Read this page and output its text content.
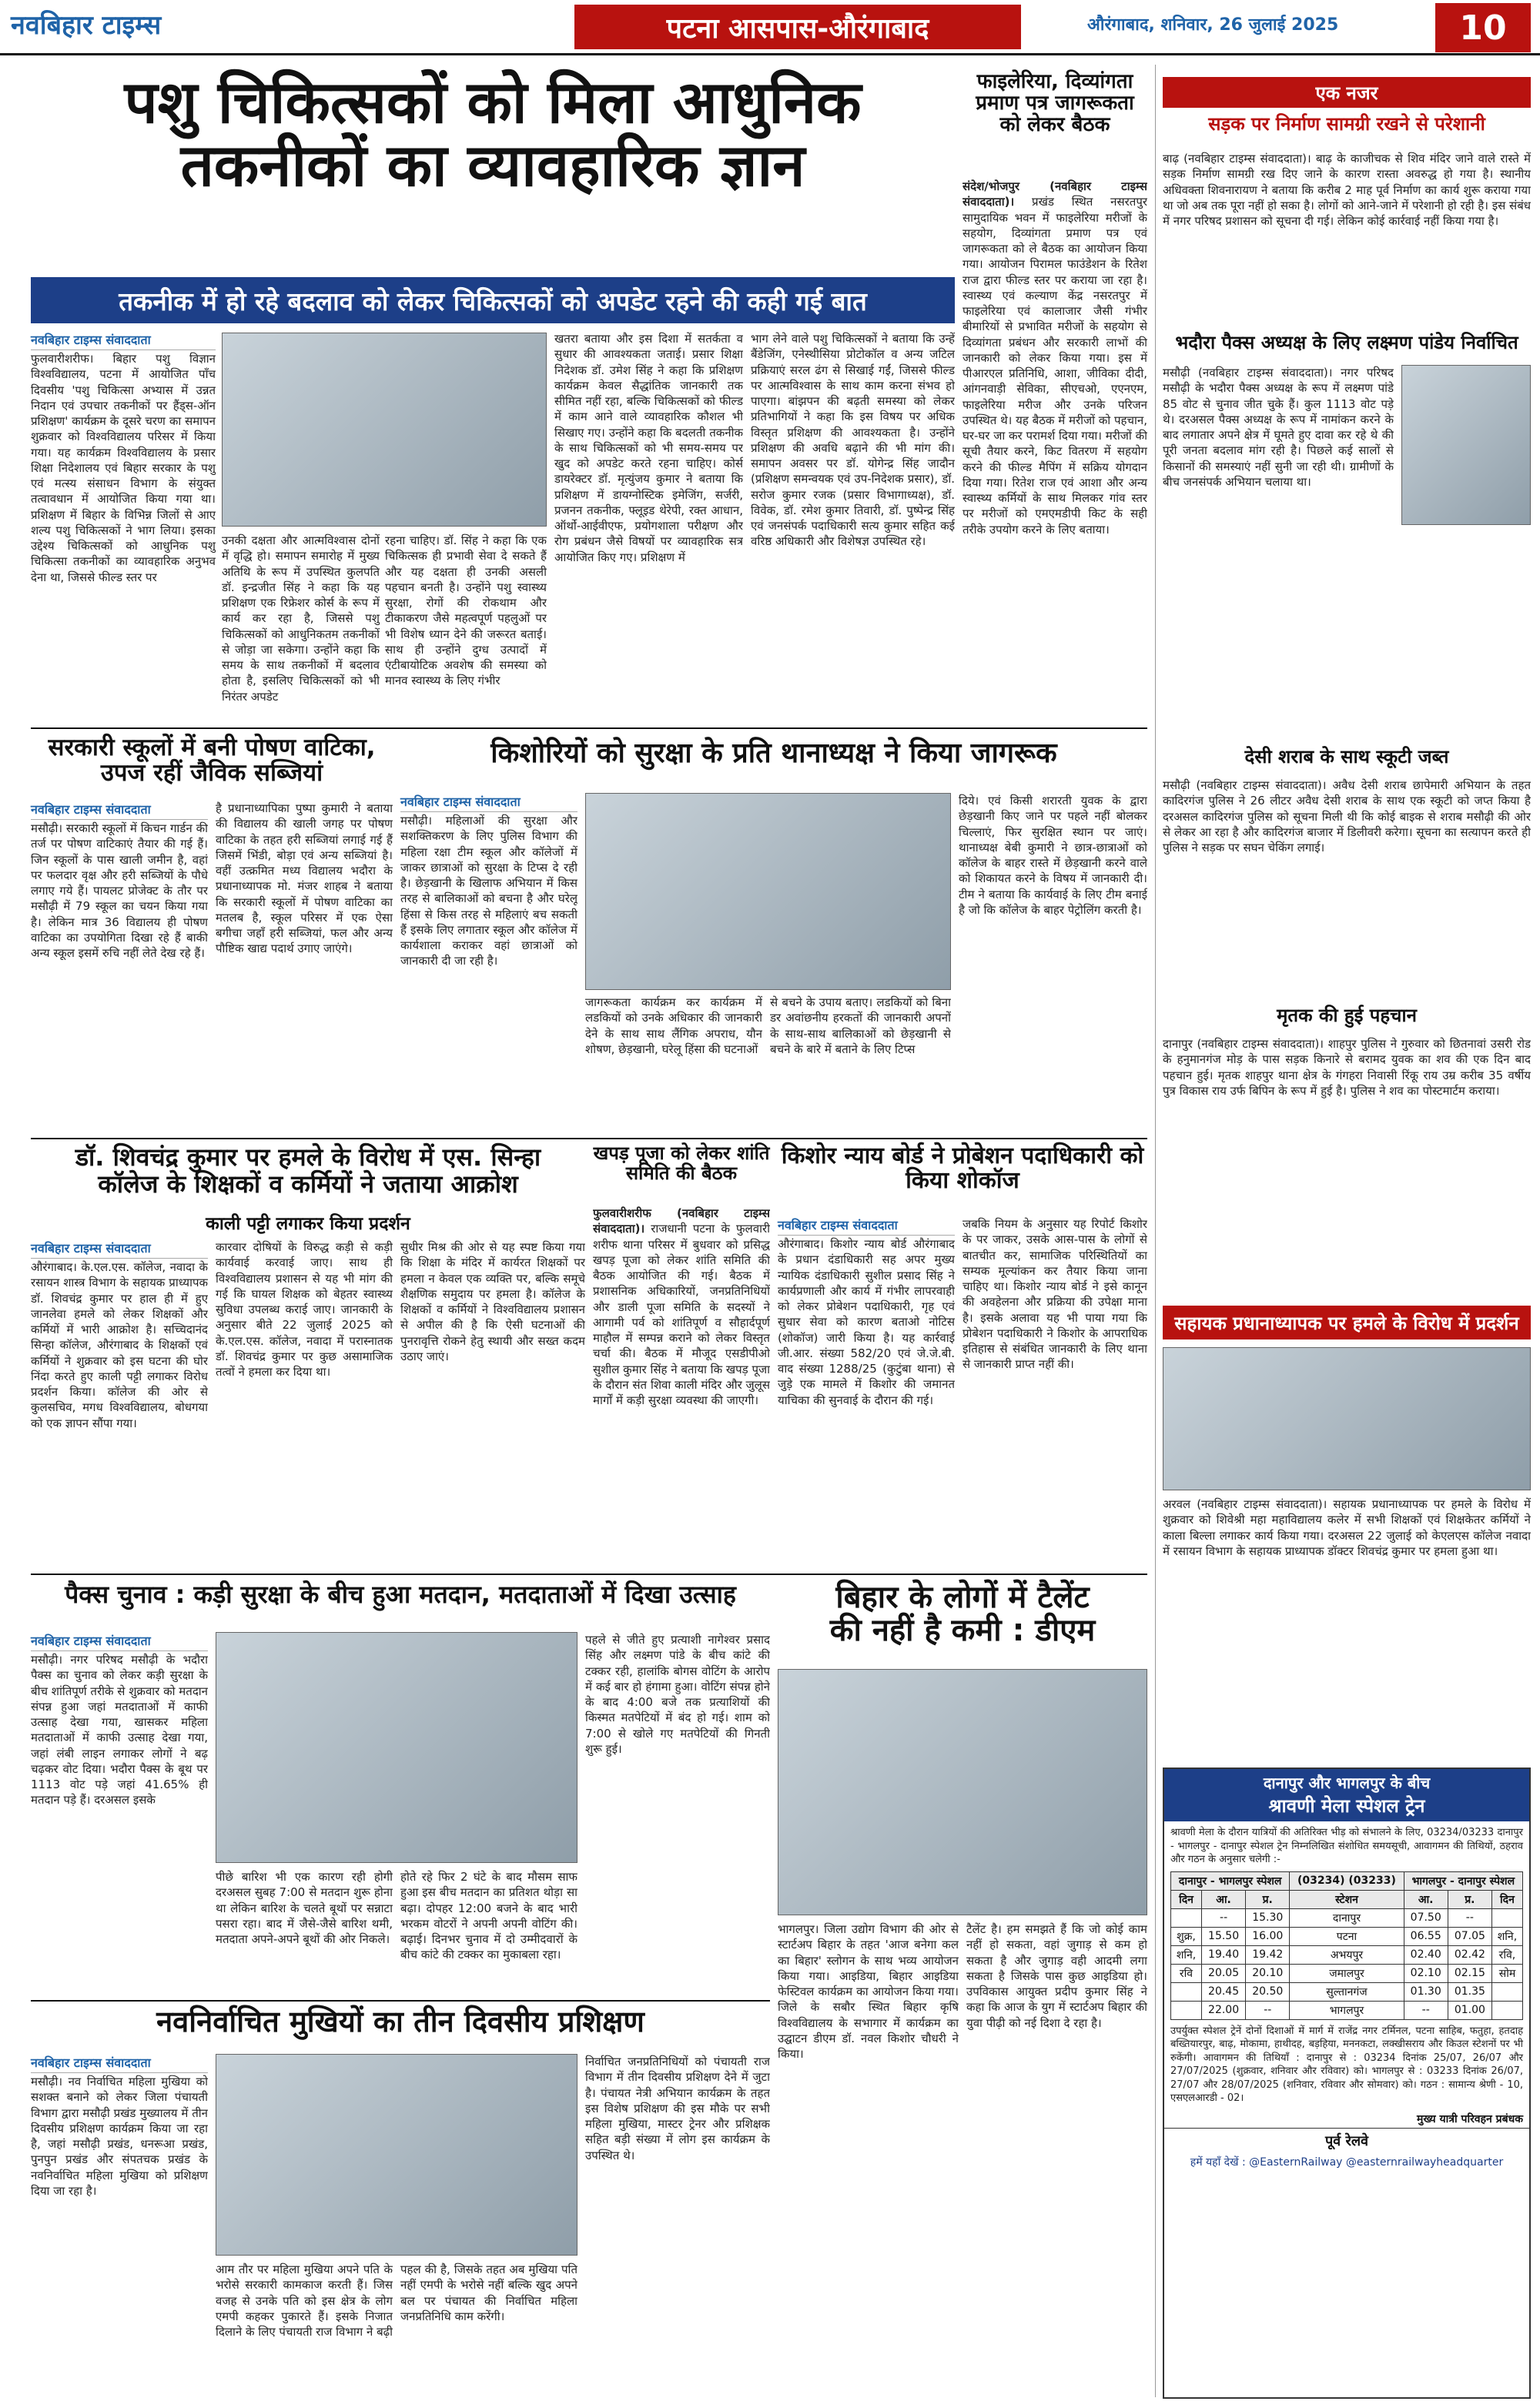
नवबिहार टाइम्स	पटना आसपास-औरंगाबाद	औरंगाबाद, शनिवार, 26 जुलाई 2025	10
पशु चिकित्सकों को मिला आधुनिक
तकनीकों का व्यावहारिक ज्ञान
तकनीक में हो रहे बदलाव को लेकर चिकित्सकों को अपडेट रहने की कही गई बात
नवबिहार टाइम्स संवाददाता
फुलवारीशरीफ। बिहार पशु विज्ञान विश्वविद्यालय, पटना में आयोजित पाँच दिवसीय 'पशु चिकित्सा अभ्यास में उन्नत निदान एवं उपचार तकनीकों पर हैंड्स-ऑन प्रशिक्षण' कार्यक्रम के दूसरे चरण का समापन शुक्रवार को विश्वविद्यालय परिसर में किया गया। यह कार्यक्रम विश्वविद्यालय के प्रसार शिक्षा निदेशालय एवं बिहार सरकार के पशु एवं मत्स्य संसाधन विभाग के संयुक्त तत्वावधान में आयोजित किया गया था। प्रशिक्षण में बिहार के विभिन्न जिलों से आए शल्य पशु चिकित्सकों ने भाग लिया। इसका उद्देश्य चिकित्सकों को आधुनिक पशु चिकित्सा तकनीकों का व्यावहारिक अनुभव देना था, जिससे फील्ड स्तर पर
उनकी दक्षता और आत्मविश्वास दोनों में वृद्धि हो। समापन समारोह में मुख्य अतिथि के रूप में उपस्थित कुलपति डॉ. इन्द्रजीत सिंह ने कहा कि यह प्रशिक्षण एक रिफ्रेशर कोर्स के रूप में कार्य कर रहा है, जिससे पशु चिकित्सकों को आधुनिकतम तकनीकों से जोड़ा जा सकेगा। उन्होंने कहा कि समय के साथ तकनीकों में बदलाव होता है, इसलिए चिकित्सकों को भी निरंतर अपडेट
रहना चाहिए। डॉ. सिंह ने कहा कि एक चिकित्सक ही प्रभावी सेवा दे सकते हैं और यह दक्षता ही उनकी असली पहचान बनती है। उन्होंने पशु स्वास्थ्य सुरक्षा, रोगों की रोकथाम और टीकाकरण जैसे महत्वपूर्ण पहलुओं पर भी विशेष ध्यान देने की जरूरत बताई। साथ ही उन्होंने दुग्ध उत्पादों में एंटीबायोटिक अवशेष की समस्या को मानव स्वास्थ्य के लिए गंभीर
खतरा बताया और इस दिशा में सतर्कता व सुधार की आवश्यकता जताई। प्रसार शिक्षा निदेशक डॉ. उमेश सिंह ने कहा कि प्रशिक्षण कार्यक्रम केवल सैद्धांतिक जानकारी तक सीमित नहीं रहा, बल्कि चिकित्सकों को फील्ड में काम आने वाले व्यावहारिक कौशल भी सिखाए गए। उन्होंने कहा कि बदलती तकनीक के साथ चिकित्सकों को भी समय-समय पर खुद को अपडेट करते रहना चाहिए। कोर्स डायरेक्टर डॉ. मृत्युंजय कुमार ने बताया कि प्रशिक्षण में डायग्नोस्टिक इमेजिंग, सर्जरी, प्रजनन तकनीक, फ्लूइड थेरेपी, रक्त आधान, ऑर्थो-आईवीएफ, प्रयोगशाला परीक्षण और रोग प्रबंधन जैसे विषयों पर व्यावहारिक सत्र आयोजित किए गए। प्रशिक्षण में
भाग लेने वाले पशु चिकित्सकों ने बताया कि उन्हें बैंडेजिंग, एनेस्थीसिया प्रोटोकॉल व अन्य जटिल प्रक्रियाएं सरल ढंग से सिखाई गईं, जिससे फील्ड पर आत्मविश्वास के साथ काम करना संभव हो पाएगा। बांझपन की बढ़ती समस्या को लेकर प्रतिभागियों ने कहा कि इस विषय पर अधिक विस्तृत प्रशिक्षण की आवश्यकता है। उन्होंने प्रशिक्षण की अवधि बढ़ाने की भी मांग की। समापन अवसर पर डॉ. योगेन्द्र सिंह जादौन (प्रशिक्षण समन्वयक एवं उप-निदेशक प्रसार), डॉ. सरोज कुमार रजक (प्रसार विभागाध्यक्ष), डॉ. विवेक, डॉ. रमेश कुमार तिवारी, डॉ. पुष्पेन्द्र सिंह एवं जनसंपर्क पदाधिकारी सत्य कुमार सहित कई वरिष्ठ अधिकारी और विशेषज्ञ उपस्थित रहे।
फाइलेरिया, दिव्यांगता प्रमाण पत्र जागरूकता को लेकर बैठक
संदेश/भोजपुर (नवबिहार टाइम्स संवाददाता)। प्रखंड स्थित नसरतपुर सामुदायिक भवन में फाइलेरिया मरीजों के सहयोग, दिव्यांगता प्रमाण पत्र एवं जागरूकता को ले बैठक का आयोजन किया गया। आयोजन पिरामल फाउंडेशन के रितेश राज द्वारा फील्ड स्तर पर कराया जा रहा है। स्वास्थ्य एवं कल्याण केंद्र नसरतपुर में फाइलेरिया एवं कालाजार जैसी गंभीर बीमारियों से प्रभावित मरीजों के सहयोग से दिव्यांगता प्रबंधन और सरकारी लाभों की जानकारी को लेकर किया गया। इस में पीआरएल प्रतिनिधि, आशा, जीविका दीदी, आंगनवाड़ी सेविका, सीएचओ, एएनएम, फाइलेरिया मरीज और उनके परिजन उपस्थित थे। यह बैठक में मरीजों को पहचान, घर-घर जा कर परामर्श दिया गया। मरीजों की सूची तैयार करने, किट वितरण में सहयोग करने की फील्ड मैपिंग में सक्रिय योगदान दिया गया। रितेश राज एवं आशा और अन्य स्वास्थ्य कर्मियों के साथ मिलकर गांव स्तर पर मरीजों को एमएमडीपी किट के सही तरीके उपयोग करने के लिए बताया।
सरकारी स्कूलों में बनी पोषण वाटिका,
उपज रहीं जैविक सब्जियां
नवबिहार टाइम्स संवाददाता
मसौढ़ी। सरकारी स्कूलों में किचन गार्डन की तर्ज पर पोषण वाटिकाएं तैयार की गई हैं। जिन स्कूलों के पास खाली जमीन है, वहां पर फलदार वृक्ष और हरी सब्जियों के पौधे लगाए गये हैं। पायलट प्रोजेक्ट के तौर पर मसौढ़ी में 79 स्कूल का चयन किया गया है। लेकिन मात्र 36 विद्यालय ही पोषण वाटिका का उपयोगिता दिखा रहे हैं बाकी अन्य स्कूल इसमें रुचि नहीं लेते देख रहे हैं।
है प्रधानाध्यापिका पुष्पा कुमारी ने बताया की विद्यालय की खाली जगह पर पोषण वाटिका के तहत हरी सब्जियां लगाई गई हैं जिसमें भिंडी, बोड़ा एवं अन्य सब्जियां है। वहीं उत्क्रमित मध्य विद्यालय भदौरा के प्रधानाध्यापक मो. मंजर शाहब ने बताया कि सरकारी स्कूलों में पोषण वाटिका का मतलब है, स्कूल परिसर में एक ऐसा बगीचा जहाँ हरी सब्जियां, फल और अन्य पौष्टिक खाद्य पदार्थ उगाए जाएंगे।
किशोरियों को सुरक्षा के प्रति थानाध्यक्ष ने किया जागरूक
नवबिहार टाइम्स संवाददाता
मसौढ़ी। महिलाओं की सुरक्षा और सशक्तिकरण के लिए पुलिस विभाग की महिला रक्षा टीम स्कूल और कॉलेजों में जाकर छात्राओं को सुरक्षा के टिप्स दे रही है। छेड़खानी के खिलाफ अभियान में किस तरह से बालिकाओं को बचना है और घरेलू हिंसा से किस तरह से महिलाएं बच सकती हैं इसके लिए लगातार स्कूल और कॉलेज में कार्यशाला कराकर वहां छात्राओं को जानकारी दी जा रही है।
जागरूकता कार्यक्रम कर कार्यक्रम में लडकियों को उनके अधिकार की जानकारी देने के साथ साथ लैंगिक अपराध, यौन शोषण, छेड़खानी, घरेलू हिंसा की घटनाओं
से बचने के उपाय बताए। लडकियों को बिना डर अवांछनीय हरकतों की जानकारी अपनों के साथ-साथ बालिकाओं को छेड़खानी से बचने के बारे में बताने के लिए टिप्स
दिये। एवं किसी शरारती युवक के द्वारा छेड़खानी किए जाने पर पहले नहीं बोलकर चिल्लाएं, फिर सुरक्षित स्थान पर जाएं। थानाध्यक्ष बेबी कुमारी ने छात्र-छात्राओं को कॉलेज के बाहर रास्ते में छेड़खानी करने वाले को शिकायत करने के विषय में जानकारी दी। टीम ने बताया कि कार्यवाई के लिए टीम बनाई है जो कि कॉलेज के बाहर पेट्रोलिंग करती है।
डॉ. शिवचंद्र कुमार पर हमले के विरोध में एस. सिन्हा
कॉलेज के शिक्षकों व कर्मियों ने जताया आक्रोश
काली पट्टी लगाकर किया प्रदर्शन
नवबिहार टाइम्स संवाददाता
औरंगाबाद। के.एल.एस. कॉलेज, नवादा के रसायन शास्त्र विभाग के सहायक प्राध्यापक डॉ. शिवचंद्र कुमार पर हाल ही में हुए जानलेवा हमले को लेकर शिक्षकों और कर्मियों में भारी आक्रोश है। सच्चिदानंद सिन्हा कॉलेज, औरंगाबाद के शिक्षकों एवं कर्मियों ने शुक्रवार को इस घटना की घोर निंदा करते हुए काली पट्टी लगाकर विरोध प्रदर्शन किया। कॉलेज की ओर से कुलसचिव, मगध विश्वविद्यालय, बोधगया को एक ज्ञापन सौंपा गया।
कारवार दोषियों के विरुद्ध कड़ी से कड़ी कार्यवाई करवाई जाए। साथ ही विश्वविद्यालय प्रशासन से यह भी मांग की गई कि घायल शिक्षक को बेहतर स्वास्थ्य सुविधा उपलब्ध कराई जाए। जानकारी के अनुसार बीते 22 जुलाई 2025 को के.एल.एस. कॉलेज, नवादा में परास्नातक डॉ. शिवचंद्र कुमार पर कुछ असामाजिक तत्वों ने हमला कर दिया था।
सुधीर मिश्र की ओर से यह स्पष्ट किया गया कि शिक्षा के मंदिर में कार्यरत शिक्षकों पर हमला न केवल एक व्यक्ति पर, बल्कि समूचे शैक्षणिक समुदाय पर हमला है। कॉलेज के शिक्षकों व कर्मियों ने विश्वविद्यालय प्रशासन से अपील की है कि ऐसी घटनाओं की पुनरावृत्ति रोकने हेतु स्थायी और सख्त कदम उठाए जाएं।
खपड़ पूजा को लेकर शांति समिति की बैठक
फुलवारीशरीफ (नवबिहार टाइम्स संवाददाता)। राजधानी पटना के फुलवारी शरीफ थाना परिसर में बुधवार को प्रसिद्ध खपड़ पूजा को लेकर शांति समिति की बैठक आयोजित की गई। बैठक में प्रशासनिक अधिकारियों, जनप्रतिनिधियों और डाली पूजा समिति के सदस्यों ने आगामी पर्व को शांतिपूर्ण व सौहार्दपूर्ण माहौल में सम्पन्न कराने को लेकर विस्तृत चर्चा की। बैठक में मौजूद एसडीपीओ सुशील कुमार सिंह ने बताया कि खपड़ पूजा के दौरान संत शिवा काली मंदिर और जुलूस मार्गों में कड़ी सुरक्षा व्यवस्था की जाएगी।
किशोर न्याय बोर्ड ने प्रोबेशन पदाधिकारी को किया शोकॉज
नवबिहार टाइम्स संवाददाता
औरंगाबाद। किशोर न्याय बोर्ड औरंगाबाद के प्रधान दंडाधिकारी सह अपर मुख्य न्यायिक दंडाधिकारी सुशील प्रसाद सिंह ने कार्यप्रणाली और कार्य में गंभीर लापरवाही को लेकर प्रोबेशन पदाधिकारी, गृह एवं सुधार सेवा को कारण बताओ नोटिस (शोकॉज) जारी किया है। यह कार्रवाई जी.आर. संख्या 582/20 एवं जे.जे.बी. वाद संख्या 1288/25 (कुटुंबा थाना) से जुड़े एक मामले में किशोर की जमानत याचिका की सुनवाई के दौरान की गई।
जबकि नियम के अनुसार यह रिपोर्ट किशोर के पर जाकर, उसके आस-पास के लोगों से बातचीत कर, सामाजिक परिस्थितियों का सम्यक मूल्यांकन कर तैयार किया जाना चाहिए था। किशोर न्याय बोर्ड ने इसे कानून की अवहेलना और प्रक्रिया की उपेक्षा माना है। इसके अलावा यह भी पाया गया कि प्रोबेशन पदाधिकारी ने किशोर के आपराधिक इतिहास से संबंधित जानकारी के लिए थाना से जानकारी प्राप्त नहीं की।
पैक्स चुनाव : कड़ी सुरक्षा के बीच हुआ मतदान, मतदाताओं में दिखा उत्साह
नवबिहार टाइम्स संवाददाता
मसौढ़ी। नगर परिषद मसौढ़ी के भदौरा पैक्स का चुनाव को लेकर कड़ी सुरक्षा के बीच शांतिपूर्ण तरीके से शुक्रवार को मतदान संपन्न हुआ जहां मतदाताओं में काफी उत्साह देखा गया, खासकर महिला मतदाताओं में काफी उत्साह देखा गया, जहां लंबी लाइन लगाकर लोगों ने बढ़ चढ़कर वोट दिया। भदौरा पैक्स के बूथ पर 1113 वोट पड़े जहां 41.65% ही मतदान पड़े हैं। दरअसल इसके
पीछे बारिश भी एक कारण रही होगी दरअसल सुबह 7:00 से मतदान शुरू होना था लेकिन बारिश के चलते बूथों पर सन्नाटा पसरा रहा। बाद में जैसे-जैसे बारिश थमी, मतदाता अपने-अपने बूथों की ओर निकले।
होते रहे फिर 2 घंटे के बाद मौसम साफ हुआ इस बीच मतदान का प्रतिशत थोड़ा सा बढ़ा। दोपहर 12:00 बजने के बाद भारी भरकम वोटरों ने अपनी अपनी वोटिंग की। बढ़ाई। दिनभर चुनाव में दो उम्मीदवारों के बीच कांटे की टक्कर का मुकाबला रहा।
पहले से जीते हुए प्रत्याशी नागेश्वर प्रसाद सिंह और लक्ष्मण पांडे के बीच कांटे की टक्कर रही, हालांकि बोगस वोटिंग के आरोप में कई बार हो हंगामा हुआ। वोटिंग संपन्न होने के बाद 4:00 बजे तक प्रत्याशियों की किस्मत मतपेटियों में बंद हो गई। शाम को 7:00 से खोले गए मतपेटियों की गिनती शुरू हुई।
बिहार के लोगों में टैलेंट
की नहीं है कमी : डीएम
भागलपुर। जिला उद्योग विभाग की ओर से स्टार्टअप बिहार के तहत 'आज बनेगा कल का बिहार' स्लोगन के साथ भव्य आयोजन किया गया। आइडिया, बिहार आइडिया फेस्टिवल कार्यक्रम का आयोजन किया गया। जिले के सबौर स्थित बिहार कृषि विश्वविद्यालय के सभागार में कार्यक्रम का उद्घाटन डीएम डॉ. नवल किशोर चौधरी ने किया।
टैलेंट है। हम समझते हैं कि जो कोई काम नहीं हो सकता, वहां जुगाड़ से कम हो सकता है और जुगाड़ वही आदमी लगा सकता है जिसके पास कुछ आइडिया हो। उपविकास आयुक्त प्रदीप कुमार सिंह ने कहा कि आज के युग में स्टार्टअप बिहार की युवा पीढ़ी को नई दिशा दे रहा है।
नवनिर्वाचित मुखियों का तीन दिवसीय प्रशिक्षण
नवबिहार टाइम्स संवाददाता
मसौढ़ी। नव निर्वाचित महिला मुखिया को सशक्त बनाने को लेकर जिला पंचायती विभाग द्वारा मसौढ़ी प्रखंड मुख्यालय में तीन दिवसीय प्रशिक्षण कार्यक्रम किया जा रहा है, जहां मसौढ़ी प्रखंड, धनरूआ प्रखंड, पुनपुन प्रखंड और संपतचक प्रखंड के नवनिर्वाचित महिला मुखिया को प्रशिक्षण दिया जा रहा है।
आम तौर पर महिला मुखिया अपने पति के भरोसे सरकारी कामकाज करती हैं। जिस वजह से उनके पति को इस क्षेत्र के लोग एमपी कहकर पुकारते हैं। इसके निजात दिलाने के लिए पंचायती राज विभाग ने बढ़ी
पहल की है, जिसके तहत अब मुखिया पति नहीं एमपी के भरोसे नहीं बल्कि खुद अपने बल पर पंचायत की निर्वाचित महिला जनप्रतिनिधि काम करेंगी।
निर्वाचित जनप्रतिनिधियों को पंचायती राज विभाग में तीन दिवसीय प्रशिक्षण देने में जुटा है। पंचायत नेत्री अभियान कार्यक्रम के तहत इस विशेष प्रशिक्षण की इस मौके पर सभी महिला मुखिया, मास्टर ट्रेनर और प्रशिक्षक सहित बड़ी संख्या में लोग इस कार्यक्रम के उपस्थित थे।
एक नजर
सड़क पर निर्माण सामग्री रखने से परेशानी
बाढ़ (नवबिहार टाइम्स संवाददाता)। बाढ़ के काजीचक से शिव मंदिर जाने वाले रास्ते में सड़क निर्माण सामग्री रख दिए जाने के कारण रास्ता अवरुद्ध हो गया है। स्थानीय अधिवक्ता शिवनारायण ने बताया कि करीब 2 माह पूर्व निर्माण का कार्य शुरू कराया गया था जो अब तक पूरा नहीं हो सका है। लोगों को आने-जाने में परेशानी हो रही है। इस संबंध में नगर परिषद प्रशासन को सूचना दी गई। लेकिन कोई कार्रवाई नहीं किया गया है।
भदौरा पैक्स अध्यक्ष के लिए लक्ष्मण पांडेय निर्वाचित
मसौढ़ी (नवबिहार टाइम्स संवाददाता)। नगर परिषद मसौढ़ी के भदौरा पैक्स अध्यक्ष के रूप में लक्ष्मण पांडे 85 वोट से चुनाव जीत चुके हैं। कुल 1113 वोट पड़े थे। दरअसल पैक्स अध्यक्ष के रूप में नामांकन करने के बाद लगातार अपने क्षेत्र में घूमते हुए दावा कर रहे थे की पूरी जनता बदलाव मांग रही है। पिछले कई सालों से किसानों की समस्याएं नहीं सुनी जा रही थी। ग्रामीणों के बीच जनसंपर्क अभियान चलाया था।
देसी शराब के साथ स्कूटी जब्त
मसौढ़ी (नवबिहार टाइम्स संवाददाता)। अवैध देसी शराब छापेमारी अभियान के तहत कादिरगंज पुलिस ने 26 लीटर अवैध देसी शराब के साथ एक स्कूटी को जप्त किया है दरअसल कादिरगंज पुलिस को सूचना मिली थी कि कोई बाइक से शराब मसौढ़ी की ओर से लेकर आ रहा है और कादिरगंज बाजार में डिलीवरी करेगा। सूचना का सत्यापन करते ही पुलिस ने सड़क पर सघन चेकिंग लगाई।
मृतक की हुई पहचान
दानापुर (नवबिहार टाइम्स संवाददाता)। शाहपुर पुलिस ने गुरुवार को छितनावां उसरी रोड के हनुमानगंज मोड़ के पास सड़क किनारे से बरामद युवक का शव की एक दिन बाद पहचान हुई। मृतक शाहपुर थाना क्षेत्र के गंगहरा निवासी रिंकू राय उम्र करीब 35 वर्षीय पुत्र विकास राय उर्फ बिपिन के रूप में हुई है। पुलिस ने शव का पोस्टमार्टम कराया।
सहायक प्रधानाध्यापक पर हमले के विरोध में प्रदर्शन
अरवल (नवबिहार टाइम्स संवाददाता)। सहायक प्रधानाध्यापक पर हमले के विरोध में शुक्रवार को शिवेश्री महा महाविद्यालय कलेर में सभी शिक्षकों एवं शिक्षकेतर कर्मियों ने काला बिल्ला लगाकर कार्य किया गया। दरअसल 22 जुलाई को केएलएस कॉलेज नवादा में रसायन विभाग के सहायक प्राध्यापक डॉक्टर शिवचंद्र कुमार पर हमला हुआ था।
दानापुर और भागलपुर के बीच
श्रावणी मेला स्पेशल ट्रेन
श्रावणी मेला के दौरान यात्रियों की अतिरिक्त भीड़ को संभालने के लिए, 03234/03233 दानापुर - भागलपुर - दानापुर स्पेशल ट्रेन निम्नलिखित संशोधित समयसूची, आवागमन की तिथियों, ठहराव और गठन के अनुसार चलेगी :-
दानापुर - भागलपुर स्पेशल			(03234) (03233)	भागलपुर - दानापुर स्पेशल		
दिन	आ.	प्र.	स्टेशन	आ.	प्र.	दिन
	--	15.30	दानापुर	07.50	--	
शुक्र,	15.50	16.00	पटना	06.55	07.05	शनि,
शनि,	19.40	19.42	अभयपुर	02.40	02.42	रवि,
रवि	20.05	20.10	जमालपुर	02.10	02.15	सोम
	20.45	20.50	सुल्तानगंज	01.30	01.35	
	22.00	--	भागलपुर	--	01.00	
उपर्युक्त स्पेशल ट्रेनें दोनों दिशाओं में मार्ग में राजेंद्र नगर टर्मिनल, पटना साहिब, फतुहा, हतदाह बख्तियारपुर, बाढ़, मोकामा, हाथीदह, बड़हिया, मननकटा, लक्खीसराय और किउल स्टेशनों पर भी रुकेंगी। आवागमन की तिथियाँ : दानापुर से : 03234 दिनांक 25/07, 26/07 और 27/07/2025 (शुक्रवार, शनिवार और रविवार) को। भागलपुर से : 03233 दिनांक 26/07, 27/07 और 28/07/2025 (शनिवार, रविवार और सोमवार) को। गठन : सामान्य श्रेणी - 10, एसएलआरडी - 02।
मुख्य यात्री परिवहन प्रबंधक
पूर्व रेलवे
हमें यहाँ देखें : @EasternRailway @easternrailwayheadquarter
